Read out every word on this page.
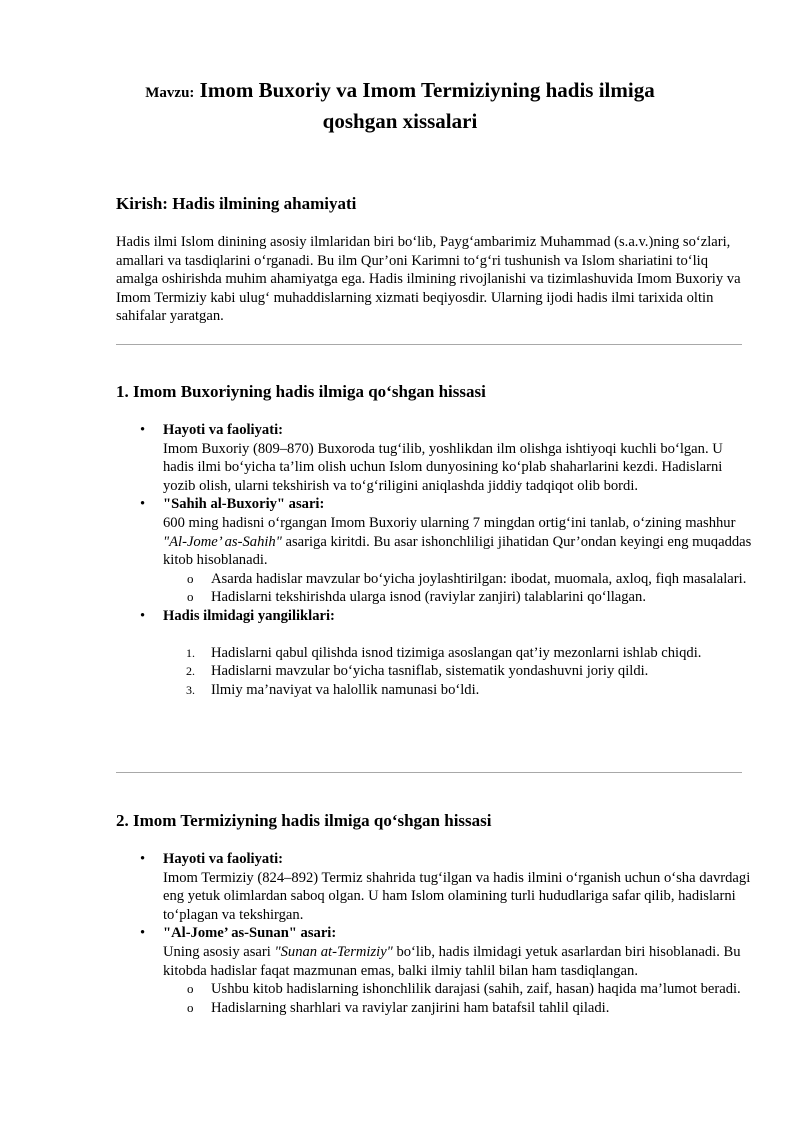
Mavzu: Imom Buxoriy va Imom Termiziyning hadis ilmiga
qoshgan xissalari
Kirish: Hadis ilmining ahamiyati
Hadis ilmi Islom dinining asosiy ilmlaridan biri bo‘lib, Payg‘ambarimiz Muhammad (s.a.v.)ning so‘zlari, amallari va tasdiqlarini o‘rganadi. Bu ilm Qur’oni Karimni to‘g‘ri tushunish va Islom shariatini to‘liq amalga oshirishda muhim ahamiyatga ega. Hadis ilmining rivojlanishi va tizimlashuvida Imom Buxoriy va Imom Termiziy kabi ulug‘ muhaddislarning xizmati beqiyosdir. Ularning ijodi hadis ilmi tarixida oltin sahifalar yaratgan.
1. Imom Buxoriyning hadis ilmiga qo‘shgan hissasi
•	Hayoti va faoliyati:
Imom Buxoriy (809–870) Buxoroda tug‘ilib, yoshlikdan ilm olishga ishtiyoqi kuchli bo‘lgan. U hadis ilmi bo‘yicha ta’lim olish uchun Islom dunyosining ko‘plab shaharlarini kezdi. Hadislarni yozib olish, ularni tekshirish va to‘g‘riligini aniqlashda jiddiy tadqiqot olib bordi.
•	"Sahih al-Buxoriy" asari:
600 ming hadisni o‘rgangan Imom Buxoriy ularning 7 mingdan ortig‘ini tanlab, o‘zining mashhur "Al-Jome’ as-Sahih" asariga kiritdi. Bu asar ishonchliligi jihatidan Qur’ondan keyingi eng muqaddas kitob hisoblanadi.
o Asarda hadislar mavzular bo‘yicha joylashtirilgan: ibodat, muomala, axloq, fiqh masalalari.
o Hadislarni tekshirishda ularga isnod (raviylar zanjiri) talablarini qo‘llagan.
•	Hadis ilmidagi yangiliklari:
1. Hadislarni qabul qilishda isnod tizimiga asoslangan qat’iy mezonlarni ishlab chiqdi.
2. Hadislarni mavzular bo‘yicha tasniflab, sistematik yondashuvni joriy qildi.
3. Ilmiy ma’naviyat va halollik namunasi bo‘ldi.
2. Imom Termiziyning hadis ilmiga qo‘shgan hissasi
•	Hayoti va faoliyati:
Imom Termiziy (824–892) Termiz shahrida tug‘ilgan va hadis ilmini o‘rganish uchun o‘sha davrdagi eng yetuk olimlardan saboq olgan. U ham Islom olamining turli hududlariga safar qilib, hadislarni to‘plagan va tekshirgan.
•	"Al-Jome’ as-Sunan" asari:
Uning asosiy asari "Sunan at-Termiziy" bo‘lib, hadis ilmidagi yetuk asarlardan biri hisoblanadi. Bu kitobda hadislar faqat mazmunan emas, balki ilmiy tahlil bilan ham tasdiqlangan.
o Ushbu kitob hadislarning ishonchlilik darajasi (sahih, zaif, hasan) haqida ma’lumot beradi.
o Hadislarning sharhlari va raviylar zanjirini ham batafsil tahlil qiladi.
